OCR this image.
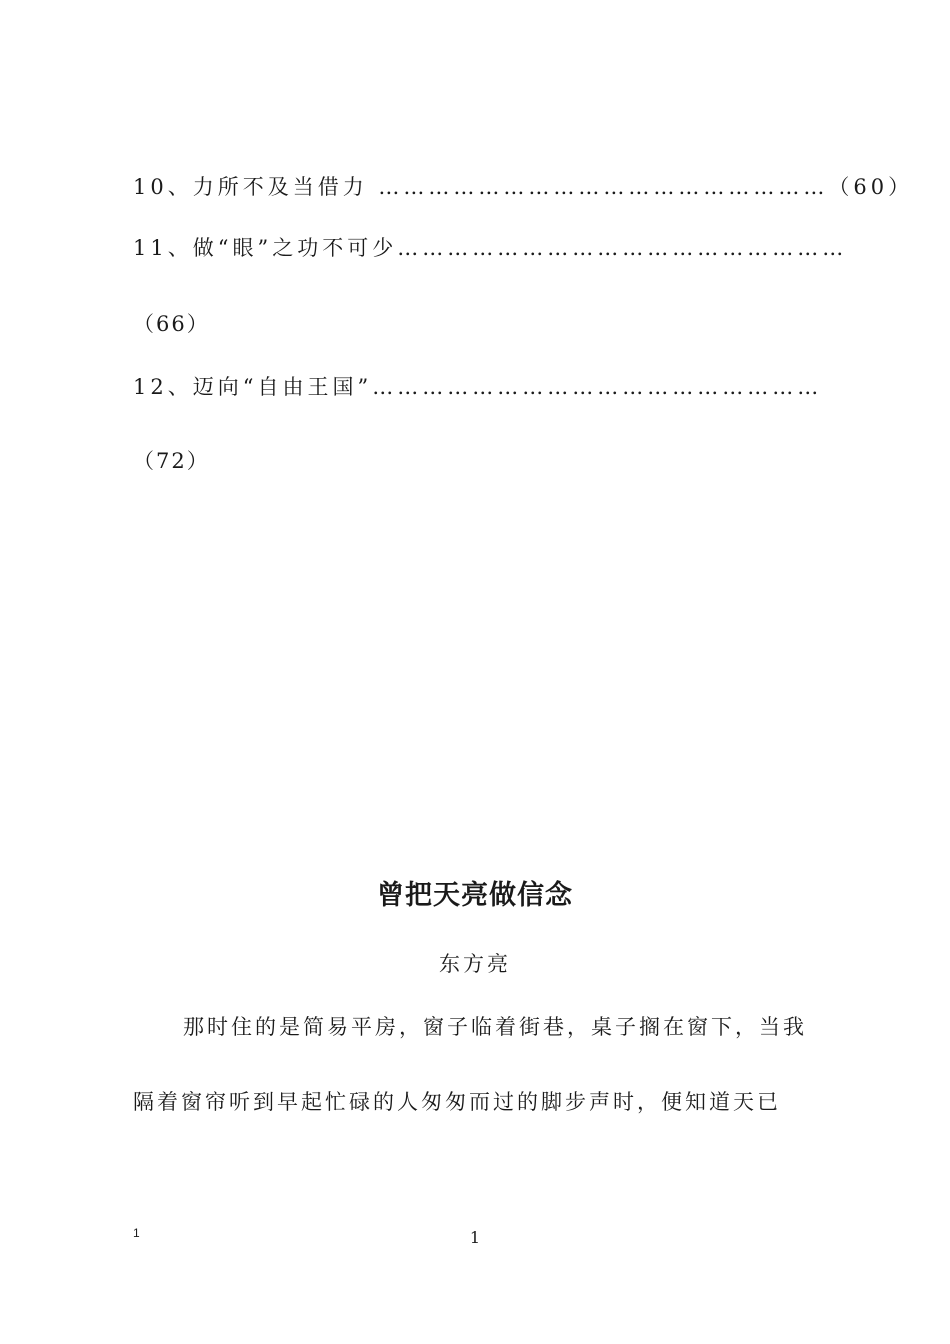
10、力所不及当借力 ………………………………………………（60）
11、做“眼”之功不可少………………………………………………
（66）
12、迈向“自由王国”………………………………………………
（72）
曾把天亮做信念
东方亮
那时住的是简易平房，窗子临着街巷，桌子搁在窗下，当我
隔着窗帘听到早起忙碌的人匆匆而过的脚步声时，便知道天已
1	1
